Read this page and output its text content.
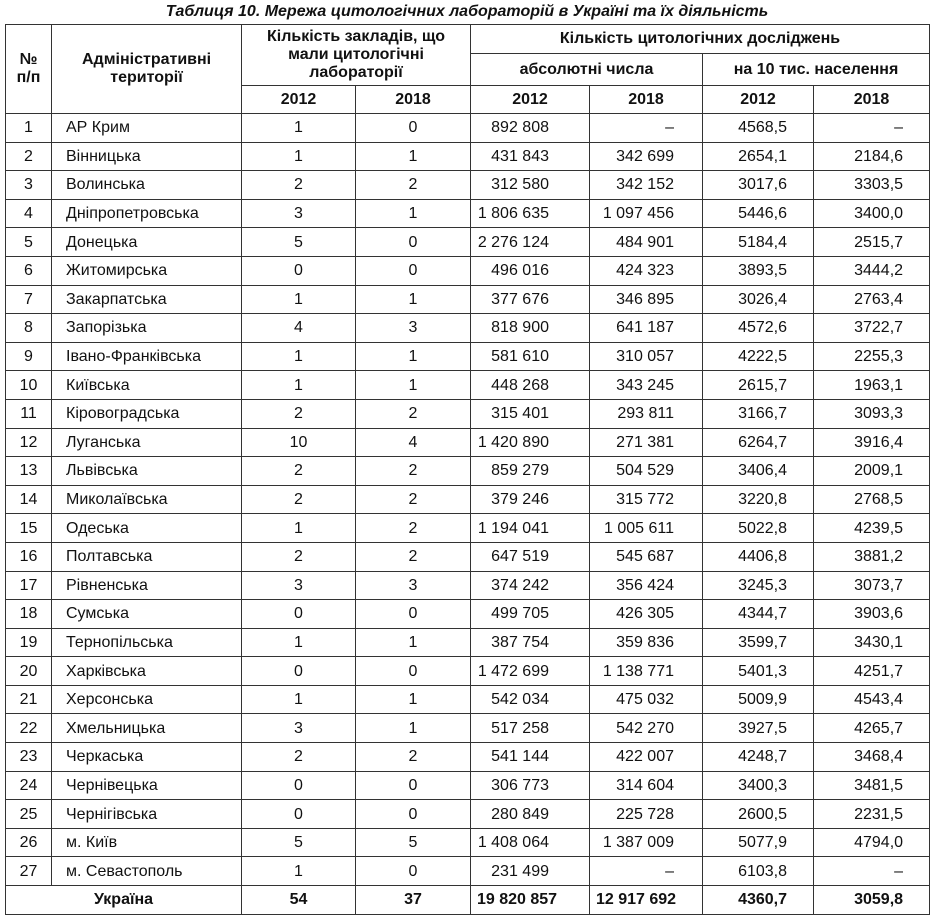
Таблиця 10. Мережа цитологічних лабораторій в Україні та їх діяльність
№ п/п	Адміністративні території	Кількість закладів, що мали цитологічні лабораторії		Кількість цитологічних досліджень			
				абсолютні числа		на 10 тис. населення	
		2012	2018	2012	2018	2012	2018
1	АР Крим	1	0	892 808	–	4568,5	–
2	Вінницька	1	1	431 843	342 699	2654,1	2184,6
3	Волинська	2	2	312 580	342 152	3017,6	3303,5
4	Дніпропетровська	3	1	1 806 635	1 097 456	5446,6	3400,0
5	Донецька	5	0	2 276 124	484 901	5184,4	2515,7
6	Житомирська	0	0	496 016	424 323	3893,5	3444,2
7	Закарпатська	1	1	377 676	346 895	3026,4	2763,4
8	Запорізька	4	3	818 900	641 187	4572,6	3722,7
9	Івано-Франківська	1	1	581 610	310 057	4222,5	2255,3
10	Київська	1	1	448 268	343 245	2615,7	1963,1
11	Кіровоградська	2	2	315 401	293 811	3166,7	3093,3
12	Луганська	10	4	1 420 890	271 381	6264,7	3916,4
13	Львівська	2	2	859 279	504 529	3406,4	2009,1
14	Миколаївська	2	2	379 246	315 772	3220,8	2768,5
15	Одеська	1	2	1 194 041	1 005 611	5022,8	4239,5
16	Полтавська	2	2	647 519	545 687	4406,8	3881,2
17	Рівненська	3	3	374 242	356 424	3245,3	3073,7
18	Сумська	0	0	499 705	426 305	4344,7	3903,6
19	Тернопільська	1	1	387 754	359 836	3599,7	3430,1
20	Харківська	0	0	1 472 699	1 138 771	5401,3	4251,7
21	Херсонська	1	1	542 034	475 032	5009,9	4543,4
22	Хмельницька	3	1	517 258	542 270	3927,5	4265,7
23	Черкаська	2	2	541 144	422 007	4248,7	3468,4
24	Чернівецька	0	0	306 773	314 604	3400,3	3481,5
25	Чернігівська	0	0	280 849	225 728	2600,5	2231,5
26	м. Київ	5	5	1 408 064	1 387 009	5077,9	4794,0
27	м. Севастополь	1	0	231 499	–	6103,8	–
Україна		54	37	19 820 857	12 917 692	4360,7	3059,8
